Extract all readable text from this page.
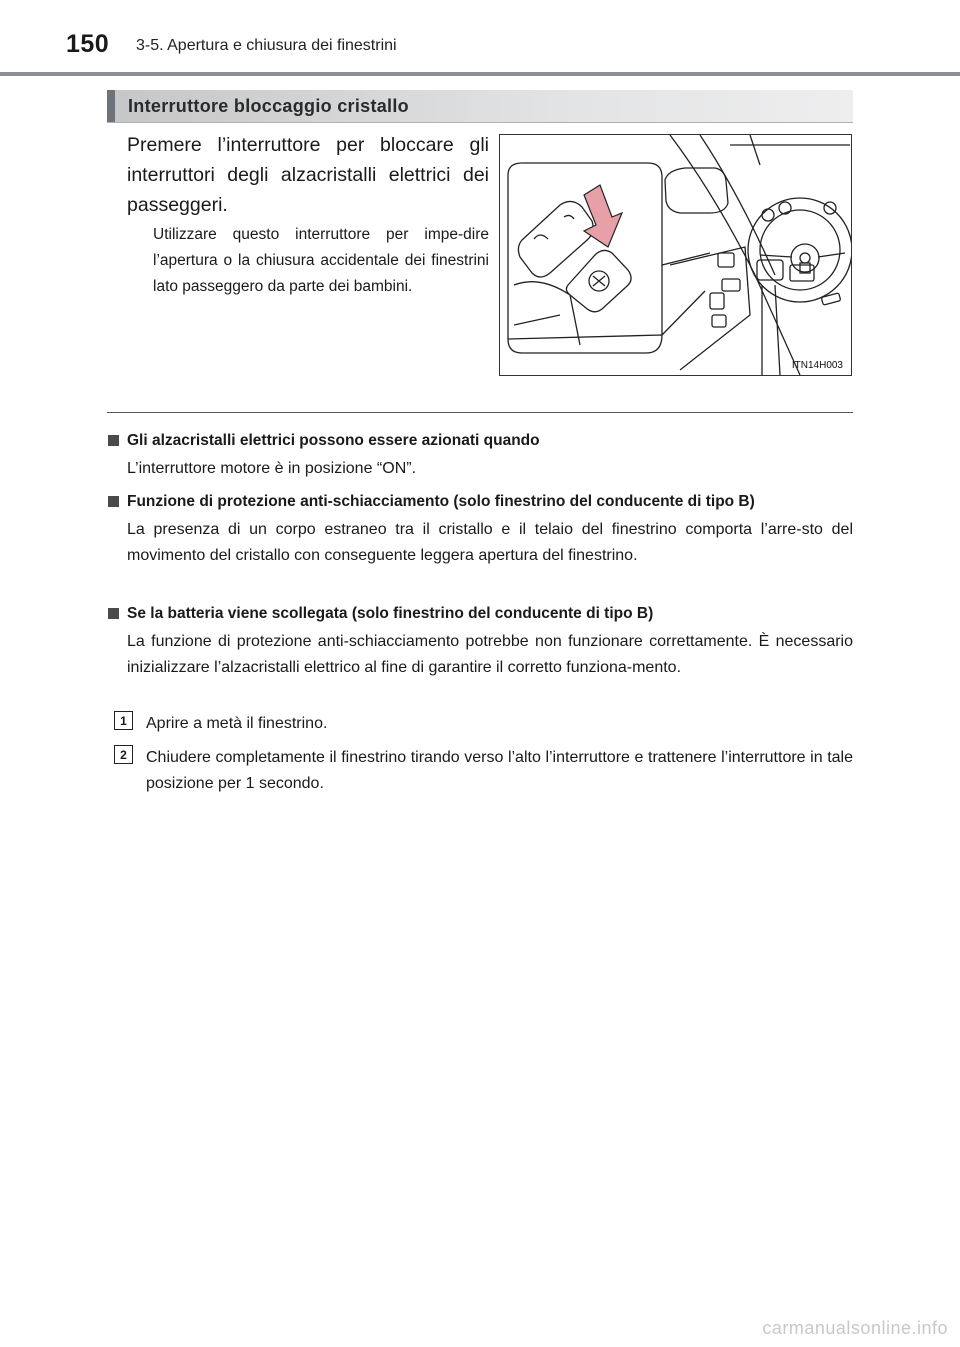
150 3-5. Apertura e chiusura dei finestrini
Interruttore bloccaggio cristallo
Premere l’interruttore per bloccare gli interruttori degli alzacristalli elettrici dei passeggeri.
Utilizzare questo interruttore per impe-dire l’apertura o la chiusura accidentale dei finestrini lato passeggero da parte dei bambini.
ITN14H003
Gli alzacristalli elettrici possono essere azionati quando
L’interruttore motore è in posizione “ON”.
Funzione di protezione anti-schiacciamento (solo finestrino del conducente di tipo B)
La presenza di un corpo estraneo tra il cristallo e il telaio del finestrino comporta l’arre-sto del movimento del cristallo con conseguente leggera apertura del finestrino.
Se la batteria viene scollegata (solo finestrino del conducente di tipo B)
La funzione di protezione anti-schiacciamento potrebbe non funzionare correttamente. È necessario inizializzare l’alzacristalli elettrico al fine di garantire il corretto funziona-mento.
1	Aprire a metà il finestrino.
2	Chiudere completamente il finestrino tirando verso l’alto l’interruttore e trattenere l’interruttore in tale posizione per 1 secondo.
carmanualsonline.info
